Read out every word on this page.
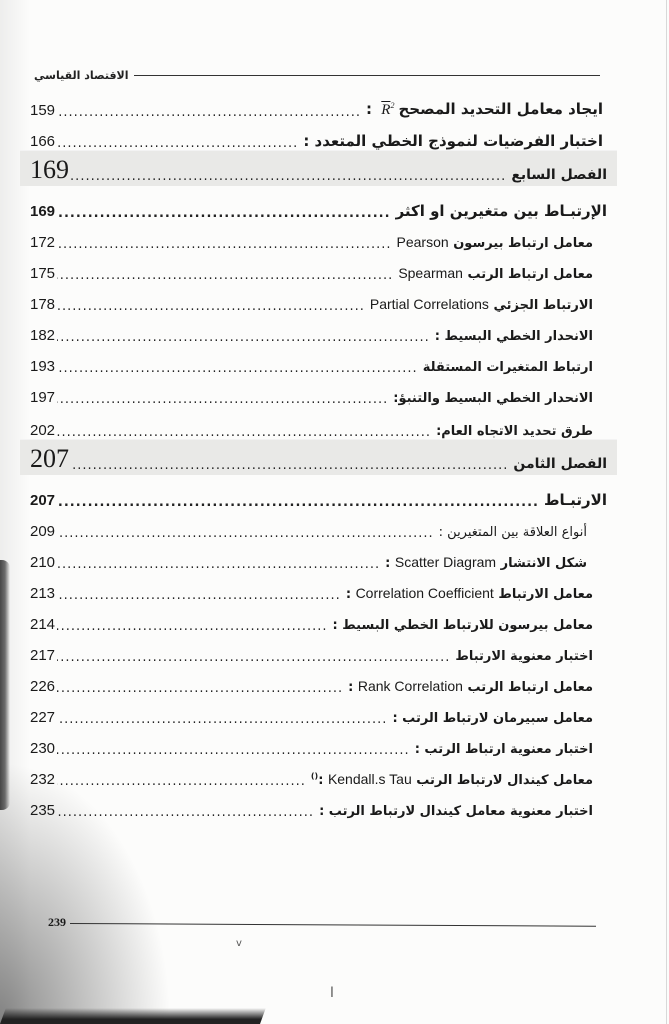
الاقتصاد القياسي
ايجاد معامل التحديد $المصحح\overline{R}^2$ :
.....
159
اختبار الفرضيات لنموذج الخطي المتعدد :
.....
166
الفصل السابع
.....
169
الإرتبـاط بين متغيرين او اكثر
.....
169
معامل ارتباط بيرسون Pearson
.....
172
معامل ارتباط الرتب Spearman
.....
175
الارتباط الجزئي Partial Correlations
.....
178
الانحدار الخطي البسيط :
.....
182
ارتباط المتغيرات المستقلة
.....
193
الانحدار الخطي البسيط والتنبؤ:
.....
197
طرق تحديد الاتجاه العام:
.....
202
الفصل الثامن
.....
207
الارتبـاط
.....
207
أنواع العلاقة بين المتغيرين :
.....
209
شكل الانتشار Scatter Diagram :
.....
210
معامل الارتباط Correlation Coefficient :
.....
213
معامل بيرسون للارتباط الخطي البسيط :
.....
214
اختبار معنوية الارتباط
.....
217
معامل ارتباط الرتب Rank Correlation :
.....
226
معامل سبيرمان لارتباط الرتب :
.....
227
اختبار معنوية ارتباط الرتب :
.....
230
معامل كيندال لارتباط الرتب Kendall.s Tau :()
.....
232
اختبار معنوية معامل كيندال لارتباط الرتب :
.....
235
239
v
ا
